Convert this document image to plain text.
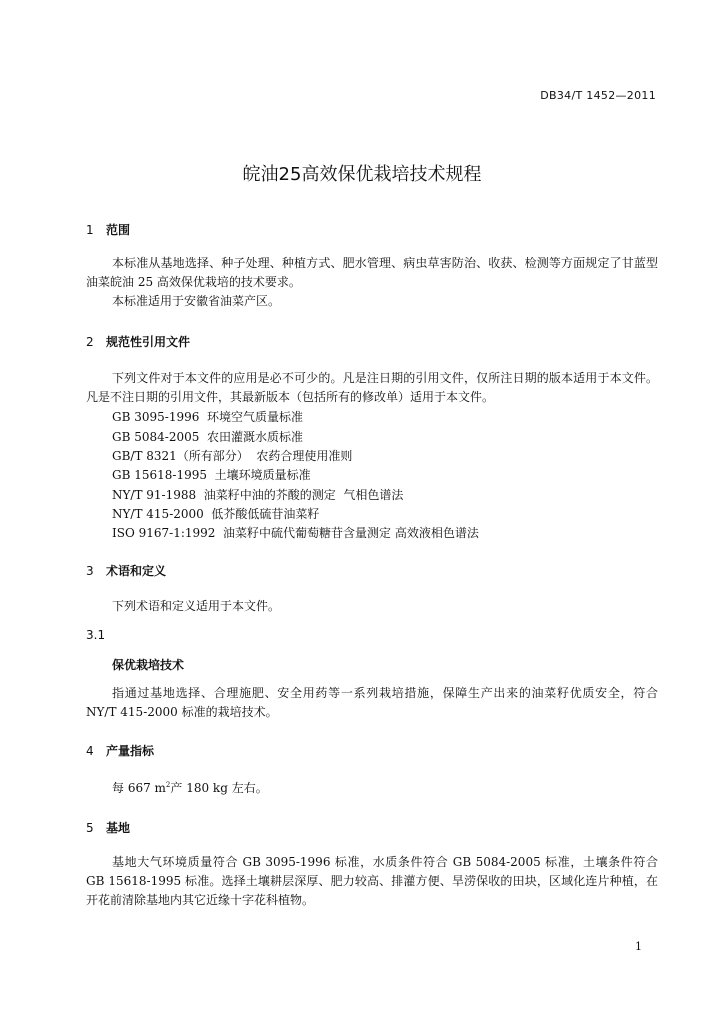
DB34/T 1452—2011
皖油25高效保优栽培技术规程
1 范围
本标准从基地选择、种子处理、种植方式、肥水管理、病虫草害防治、收获、检测等方面规定了甘蓝型油菜皖油 25 高效保优栽培的技术要求。
本标准适用于安徽省油菜产区。
2 规范性引用文件
下列文件对于本文件的应用是必不可少的。凡是注日期的引用文件，仅所注日期的版本适用于本文件。凡是不注日期的引用文件，其最新版本（包括所有的修改单）适用于本文件。
GB 3095-1996  环境空气质量标准
GB 5084-2005  农田灌溉水质标准
GB/T 8321（所有部分）  农药合理使用准则
GB 15618-1995  土壤环境质量标准
NY/T 91-1988  油菜籽中油的芥酸的测定  气相色谱法
NY/T 415-2000  低芥酸低硫苷油菜籽
ISO 9167-1:1992  油菜籽中硫代葡萄糖苷含量测定 高效液相色谱法
3 术语和定义
下列术语和定义适用于本文件。
3.1
保优栽培技术
指通过基地选择、合理施肥、安全用药等一系列栽培措施，保障生产出来的油菜籽优质安全，符合NY/T 415-2000 标准的栽培技术。
4 产量指标
每 667 $m^2$产 180 kg 左右。
5 基地
基地大气环境质量符合 GB 3095-1996 标准，水质条件符合 GB 5084-2005 标准，土壤条件符合 GB 15618-1995 标准。选择土壤耕层深厚、肥力较高、排灌方便、旱涝保收的田块，区域化连片种植，在开花前清除基地内其它近缘十字花科植物。
1
